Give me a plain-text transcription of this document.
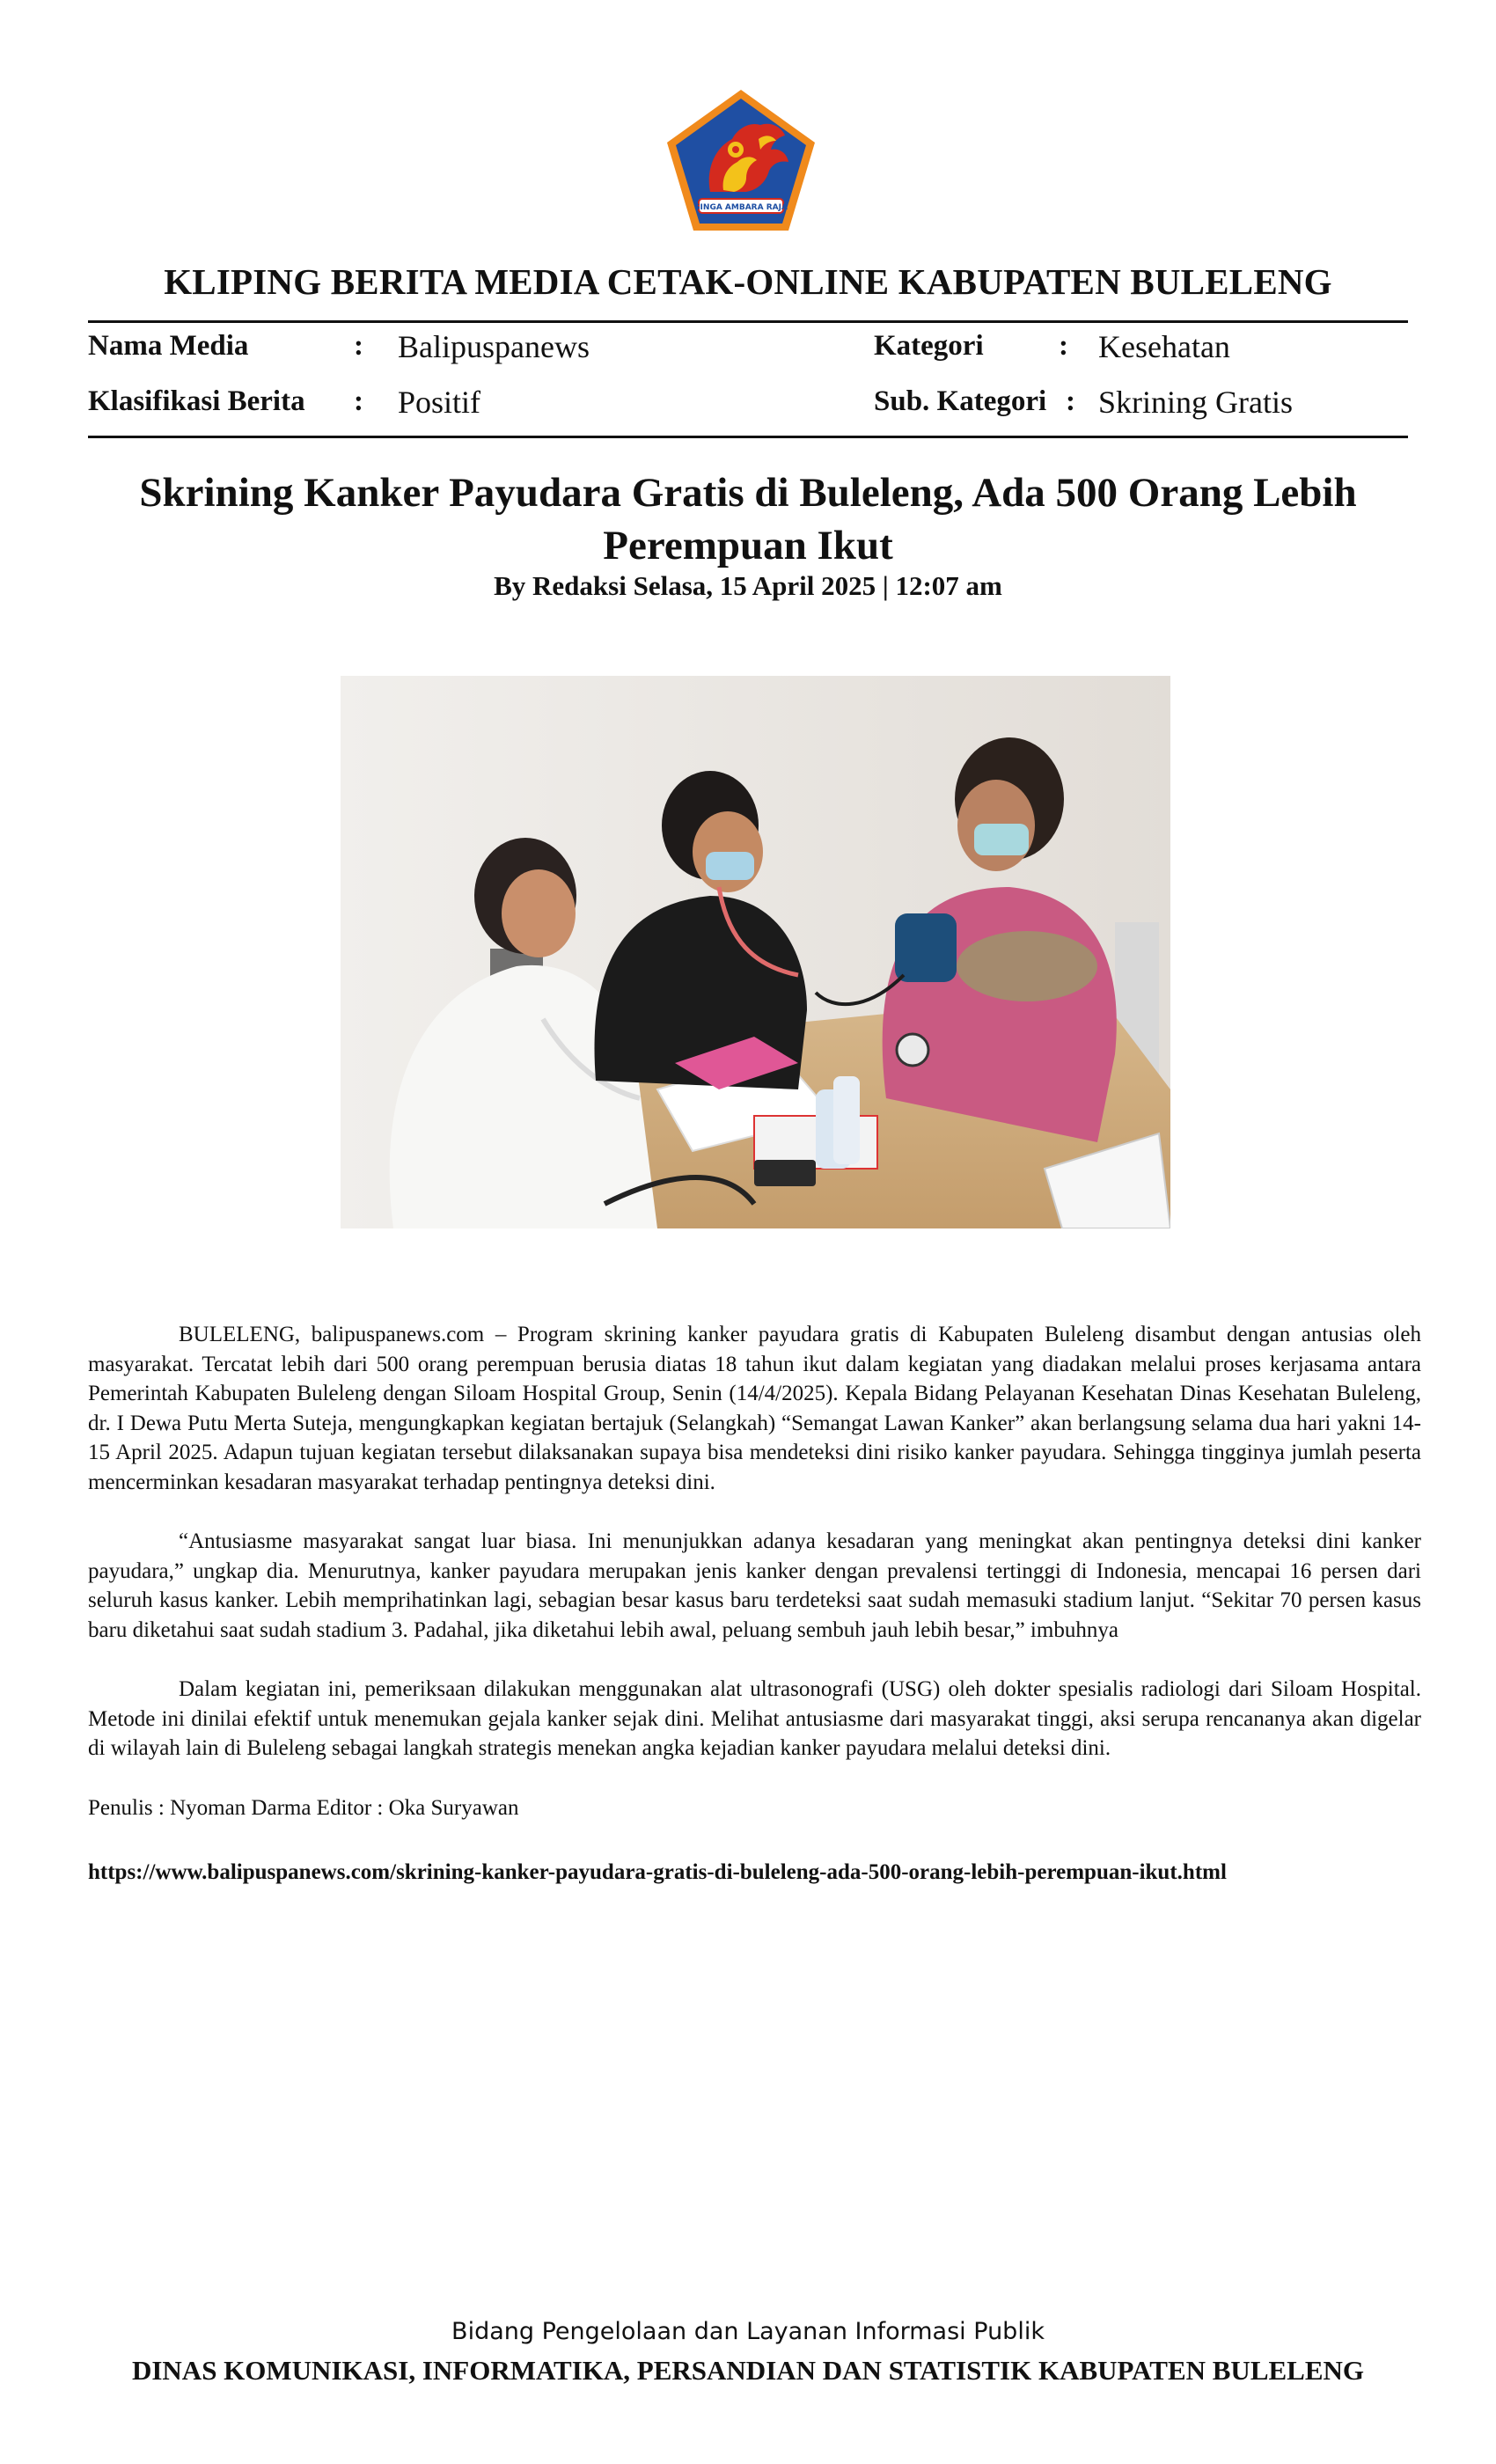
SINGA AMBARA RAJA
KLIPING BERITA MEDIA CETAK-ONLINE KABUPATEN BULELENG
Nama Media	: Balipuspanews
Klasifikasi Berita : Positif
Kategori	: Kesehatan
Sub. Kategori : Skrining Gratis
Skrining Kanker Payudara Gratis di Buleleng, Ada 500 Orang Lebih Perempuan Ikut
By Redaksi Selasa, 15 April 2025 | 12:07 am

BULELENG, balipuspanews.com – Program skrining kanker payudara gratis di Kabupaten Buleleng disambut dengan antusias oleh masyarakat. Tercatat lebih dari 500 orang perempuan berusia diatas 18 tahun ikut dalam kegiatan yang diadakan melalui proses kerjasama antara Pemerintah Kabupaten Buleleng dengan Siloam Hospital Group, Senin (14/4/2025). Kepala Bidang Pelayanan Kesehatan Dinas Kesehatan Buleleng, dr. I Dewa Putu Merta Suteja, mengungkapkan kegiatan bertajuk (Selangkah) “Semangat Lawan Kanker” akan berlangsung selama dua hari yakni 14-15 April 2025. Adapun tujuan kegiatan tersebut dilaksanakan supaya bisa mendeteksi dini risiko kanker payudara. Sehingga tingginya jumlah peserta mencerminkan kesadaran masyarakat terhadap pentingnya deteksi dini.

“Antusiasme masyarakat sangat luar biasa. Ini menunjukkan adanya kesadaran yang meningkat akan pentingnya deteksi dini kanker payudara,” ungkap dia. Menurutnya, kanker payudara merupakan jenis kanker dengan prevalensi tertinggi di Indonesia, mencapai 16 persen dari seluruh kasus kanker. Lebih memprihatinkan lagi, sebagian besar kasus baru terdeteksi saat sudah memasuki stadium lanjut. “Sekitar 70 persen kasus baru diketahui saat sudah stadium 3. Padahal, jika diketahui lebih awal, peluang sembuh jauh lebih besar,” imbuhnya

Dalam kegiatan ini, pemeriksaan dilakukan menggunakan alat ultrasonografi (USG) oleh dokter spesialis radiologi dari Siloam Hospital. Metode ini dinilai efektif untuk menemukan gejala kanker sejak dini. Melihat antusiasme dari masyarakat tinggi, aksi serupa rencananya akan digelar di wilayah lain di Buleleng sebagai langkah strategis menekan angka kejadian kanker payudara melalui deteksi dini.

Penulis : Nyoman Darma Editor : Oka Suryawan

https://www.balipuspanews.com/skrining-kanker-payudara-gratis-di-buleleng-ada-500-orang-lebih-perempuan-ikut.html

Bidang Pengelolaan dan Layanan Informasi Publik
DINAS KOMUNIKASI, INFORMATIKA, PERSANDIAN DAN STATISTIK KABUPATEN BULELENG
